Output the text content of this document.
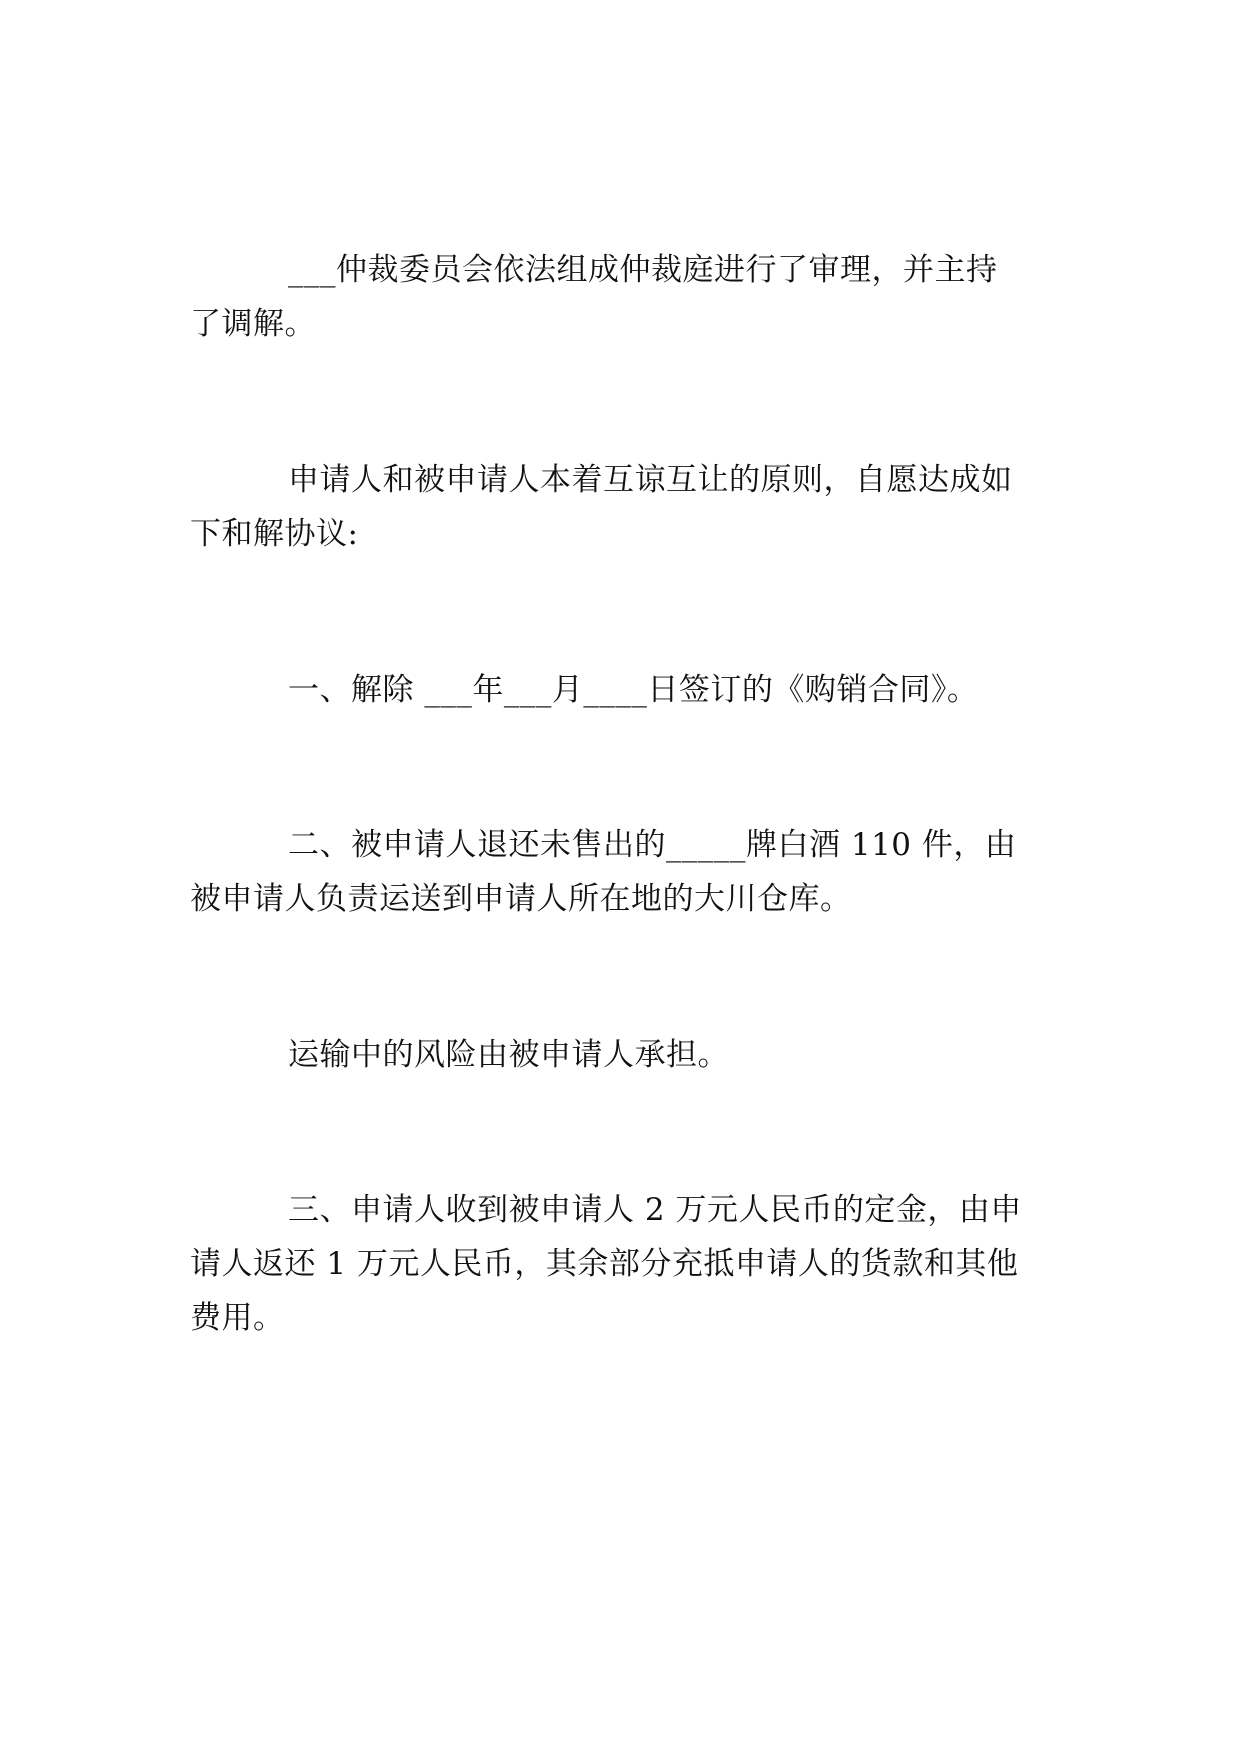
___仲裁委员会依法组成仲裁庭进行了审理，并主持
了调解。
申请人和被申请人本着互谅互让的原则，自愿达成如
下和解协议:
一、解除 ___年___月____日签订的《购销合同》。
二、被申请人退还未售出的_____牌白酒 110 件，由
被申请人负责运送到申请人所在地的大川仓库。
运输中的风险由被申请人承担。
三、申请人收到被申请人 2 万元人民币的定金，由申
请人返还 1 万元人民币，其余部分充抵申请人的货款和其他
费用。
